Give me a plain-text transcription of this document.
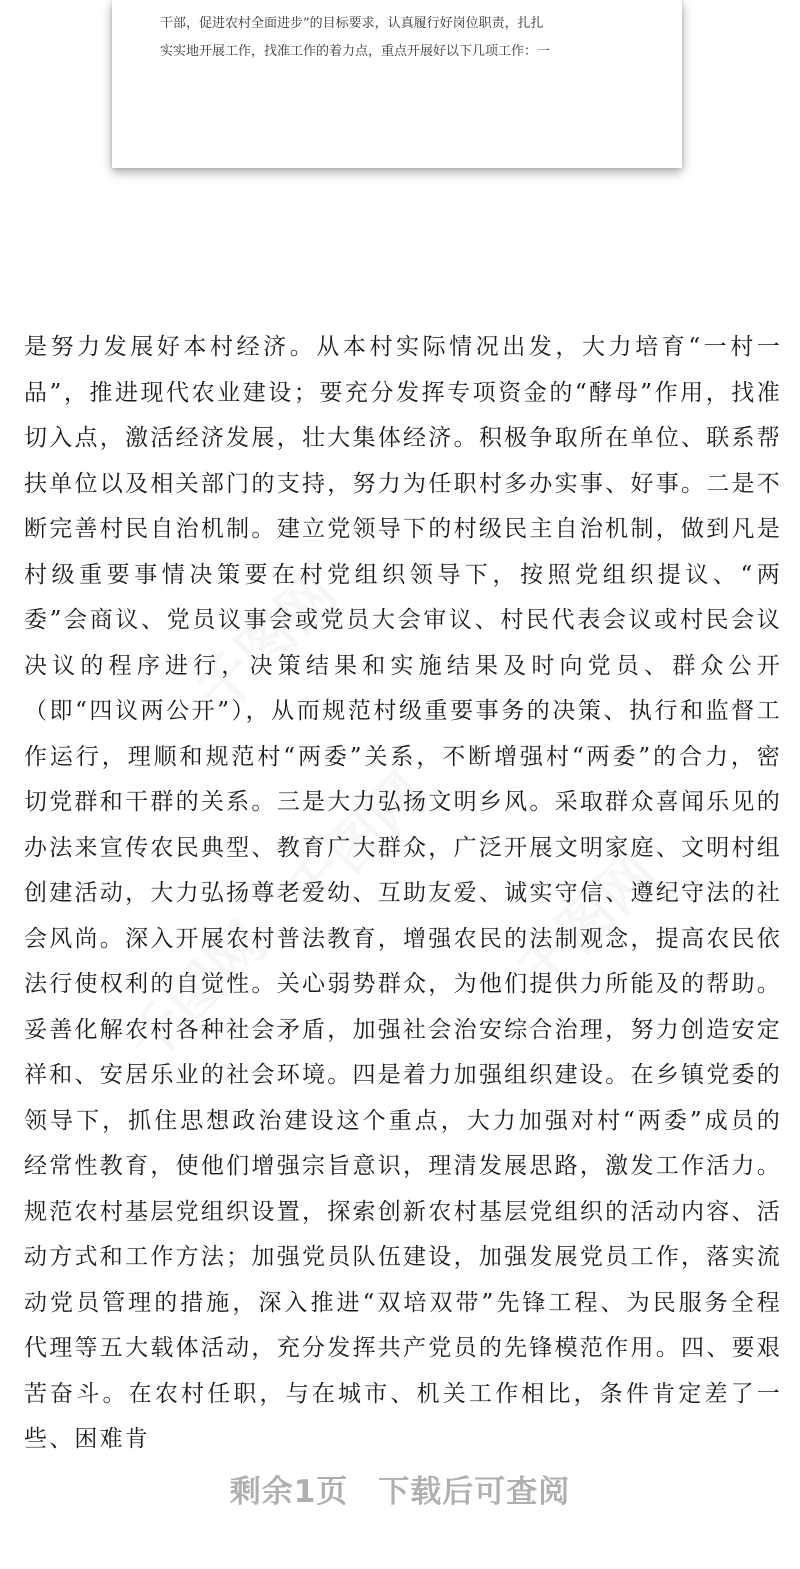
干部，促进农村全面进步”的目标要求，认真履行好岗位职责，扎扎
实实地开展工作，找准工作的着力点，重点开展好以下几项工作：一

是努力发展好本村经济。从本村实际情况出发，大力培育“一村一品”，推进现代农业建设；要充分发挥专项资金的“酵母”作用，找准切入点，激活经济发展，壮大集体经济。积极争取所在单位、联系帮扶单位以及相关部门的支持，努力为任职村多办实事、好事。二是不断完善村民自治机制。建立党领导下的村级民主自治机制，做到凡是村级重要事情决策要在村党组织领导下，按照党组织提议、“两委”会商议、党员议事会或党员大会审议、村民代表会议或村民会议决议的程序进行，决策结果和实施结果及时向党员、群众公开（即“四议两公开”），从而规范村级重要事务的决策、执行和监督工作运行，理顺和规范村“两委”关系，不断增强村“两委”的合力，密切党群和干群的关系。三是大力弘扬文明乡风。采取群众喜闻乐见的办法来宣传农民典型、教育广大群众，广泛开展文明家庭、文明村组创建活动，大力弘扬尊老爱幼、互助友爱、诚实守信、遵纪守法的社会风尚。深入开展农村普法教育，增强农民的法制观念，提高农民依法行使权利的自觉性。关心弱势群众，为他们提供力所能及的帮助。妥善化解农村各种社会矛盾，加强社会治安综合治理，努力创造安定祥和、安居乐业的社会环境。四是着力加强组织建设。在乡镇党委的领导下，抓住思想政治建设这个重点，大力加强对村“两委”成员的经常性教育，使他们增强宗旨意识，理清发展思路，激发工作活力。规范农村基层党组织设置，探索创新农村基层党组织的活动内容、活动方式和工作方法；加强党员队伍建设，加强发展党员工作，落实流动党员管理的措施，深入推进“双培双带”先锋工程、为民服务全程代理等五大载体活动，充分发挥共产党员的先锋模范作用。四、要艰苦奋斗。在农村任职，与在城市、机关工作相比，条件肯定差了一些、困难肯

剩余1页 下载后可查阅
